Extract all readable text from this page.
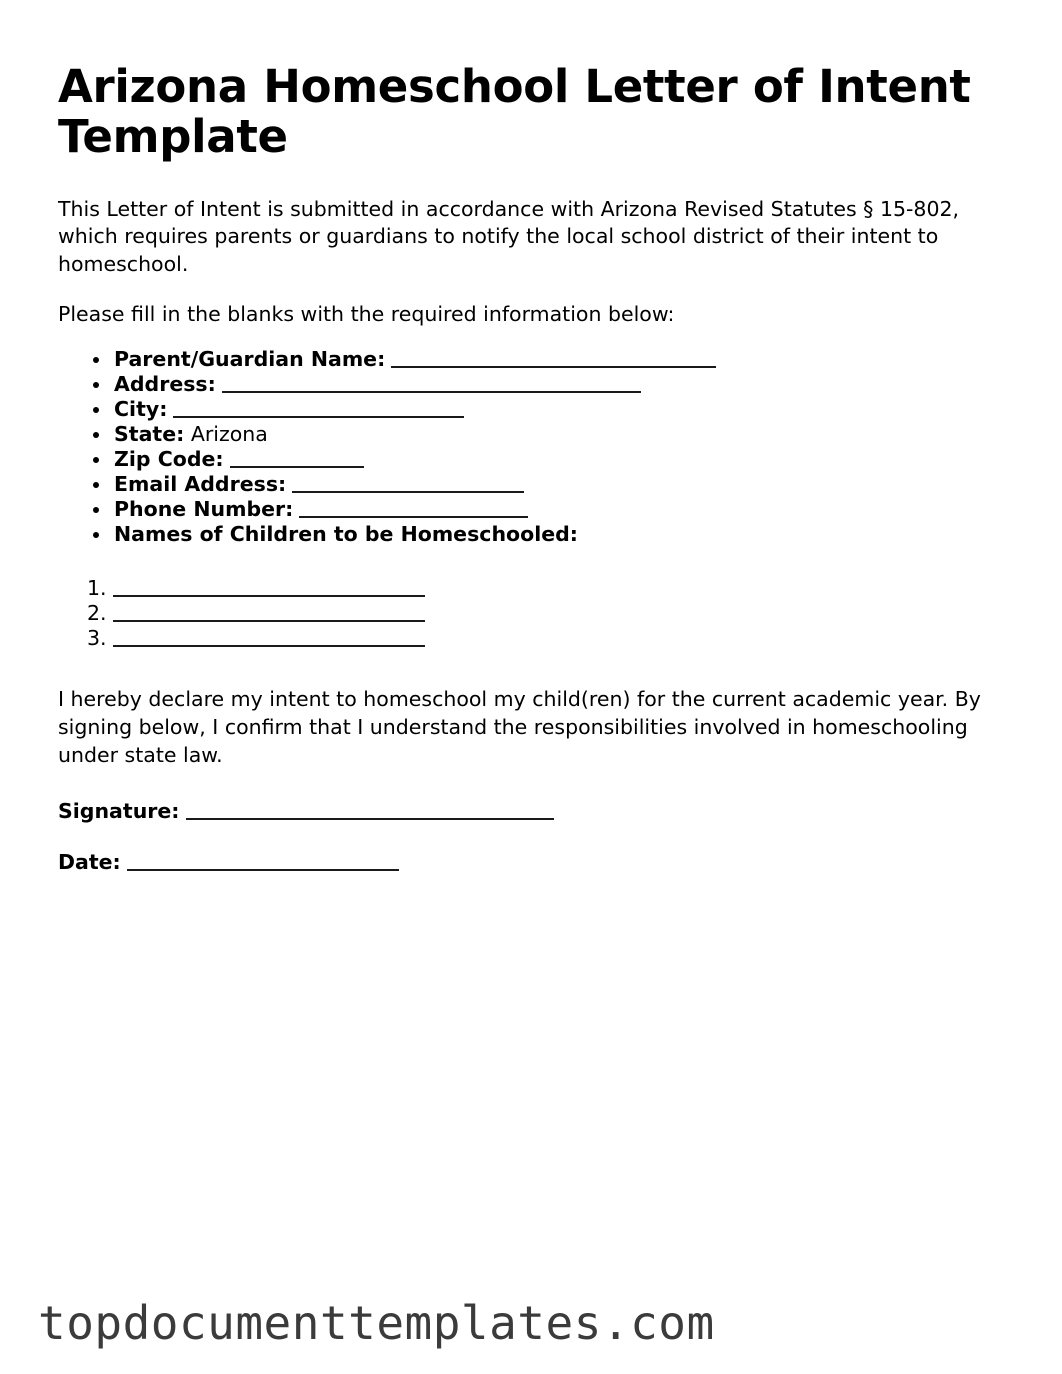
Arizona Homeschool Letter of Intent Template

This Letter of Intent is submitted in accordance with Arizona Revised Statutes § 15-802, which requires parents or guardians to notify the local school district of their intent to homeschool.

Please fill in the blanks with the required information below:

Parent/Guardian Name:
Address:
City:
State: Arizona
Zip Code:
Email Address:
Phone Number:
Names of Children to be Homeschooled:

I hereby declare my intent to homeschool my child(ren) for the current academic year. By signing below, I confirm that I understand the responsibilities involved in homeschooling under state law.

Signature:
Date:
topdocumenttemplates.com
